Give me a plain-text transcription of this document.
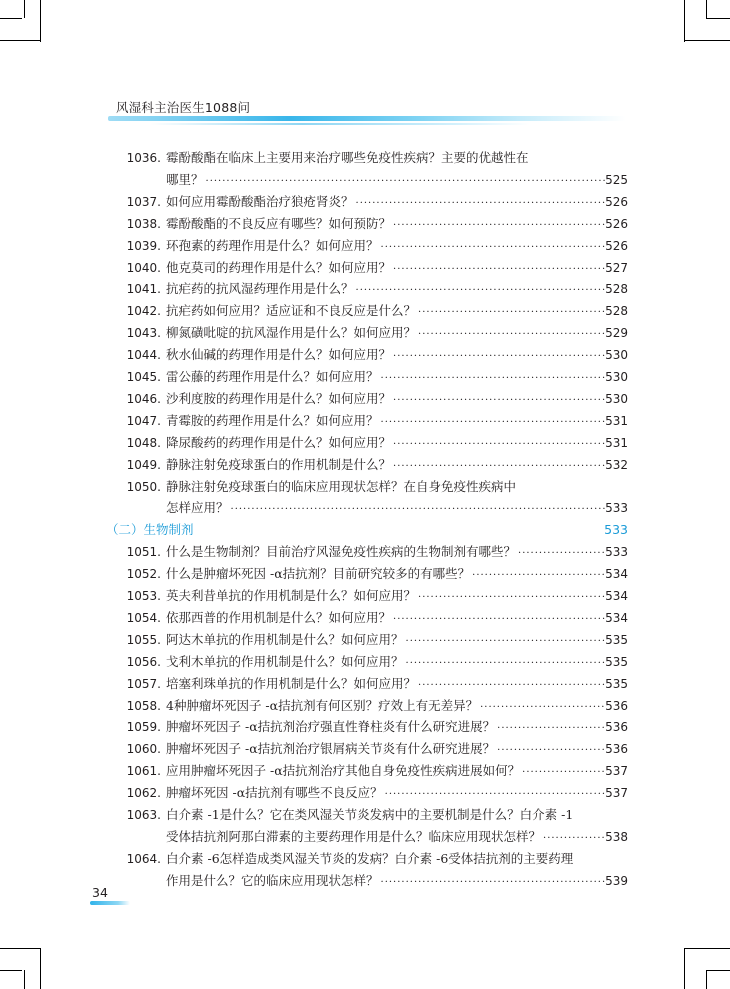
风湿科主治医生1088问
1036. 霉酚酸酯在临床上主要用来治疗哪些免疫性疾病？主要的优越性在
哪里？ ·····	525
1037. 如何应用霉酚酸酯治疗狼疮肾炎？ ·····	526
1038. 霉酚酸酯的不良反应有哪些？如何预防？ ·····	526
1039. 环孢素的药理作用是什么？如何应用？ ·····	526
1040. 他克莫司的药理作用是什么？如何应用？ ·····	527
1041. 抗疟药的抗风湿药理作用是什么？ ·····	528
1042. 抗疟药如何应用？适应证和不良反应是什么？ ·····	528
1043. 柳氮磺吡啶的抗风湿作用是什么？如何应用？ ·····	529
1044. 秋水仙碱的药理作用是什么？如何应用？ ·····	530
1045. 雷公藤的药理作用是什么？如何应用？ ·····	530
1046. 沙利度胺的药理作用是什么？如何应用？ ·····	530
1047. 青霉胺的药理作用是什么？如何应用？ ·····	531
1048. 降尿酸药的药理作用是什么？如何应用？ ·····	531
1049. 静脉注射免疫球蛋白的作用机制是什么？ ·····	532
1050. 静脉注射免疫球蛋白的临床应用现状怎样？在自身免疫性疾病中
怎样应用？ ·····	533
（二）生物制剂	533
1051. 什么是生物制剂？目前治疗风湿免疫性疾病的生物制剂有哪些？ ·····	533
1052. 什么是肿瘤坏死因 -α拮抗剂？目前研究较多的有哪些？ ·····	534
1053. 英夫利昔单抗的作用机制是什么？如何应用？ ·····	534
1054. 依那西普的作用机制是什么？如何应用？ ·····	534
1055. 阿达木单抗的作用机制是什么？如何应用？ ·····	535
1056. 戈利木单抗的作用机制是什么？如何应用？ ·····	535
1057. 培塞利珠单抗的作用机制是什么？如何应用？ ·····	535
1058. 4种肿瘤坏死因子 -α拮抗剂有何区别？疗效上有无差异？ ·····	536
1059. 肿瘤坏死因子 -α拮抗剂治疗强直性脊柱炎有什么研究进展？ ·····	536
1060. 肿瘤坏死因子 -α拮抗剂治疗银屑病关节炎有什么研究进展？ ·····	536
1061. 应用肿瘤坏死因子 -α拮抗剂治疗其他自身免疫性疾病进展如何？ ·····	537
1062. 肿瘤坏死因 -α拮抗剂有哪些不良反应？ ·····	537
1063. 白介素 -1是什么？它在类风湿关节炎发病中的主要机制是什么？白介素 -1
受体拮抗剂阿那白滞素的主要药理作用是什么？临床应用现状怎样？ ·····	538
1064. 白介素 -6怎样造成类风湿关节炎的发病？白介素 -6受体拮抗剂的主要药理
作用是什么？它的临床应用现状怎样？ ·····	539
34
